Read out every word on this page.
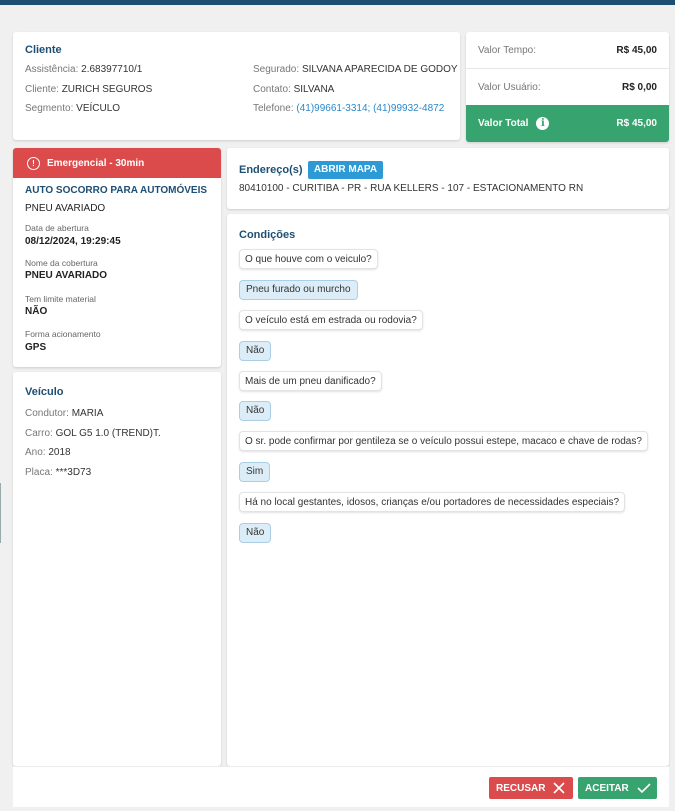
Cliente
Assistência: 2.68397710/1
Cliente: ZURICH SEGUROS
Segmento: VEÍCULO
Segurado: SILVANA APARECIDA DE GODOY
Contato: SILVANA
Telefone: (41)99661-3314; (41)99932-4872
Valor Tempo:	R$ 45,00
Valor Usuário:	R$ 0,00
Valor Total	i	R$ 45,00
!	Emergencial - 30min
AUTO SOCORRO PARA AUTOMÓVEIS
PNEU AVARIADO
Data de abertura
08/12/2024, 19:29:45
Nome da cobertura
PNEU AVARIADO
Tem limite material
NÃO
Forma acionamento
GPS
Veículo
Condutor: MARIA
Carro: GOL G5 1.0 (TREND)T.
Ano: 2018
Placa: ***3D73
Endereço(s)	ABRIR MAPA
80410100 - CURITIBA - PR - RUA KELLERS - 107 - ESTACIONAMENTO RN
Condições
O que houve com o veiculo?
Pneu furado ou murcho
O veículo está em estrada ou rodovia?
Não
Mais de um pneu danificado?
Não
O sr. pode confirmar por gentileza se o veículo possui estepe, macaco e chave de rodas?
Sim
Há no local gestantes, idosos, crianças e/ou portadores de necessidades especiais?
Não
RECUSAR	ACEITAR
